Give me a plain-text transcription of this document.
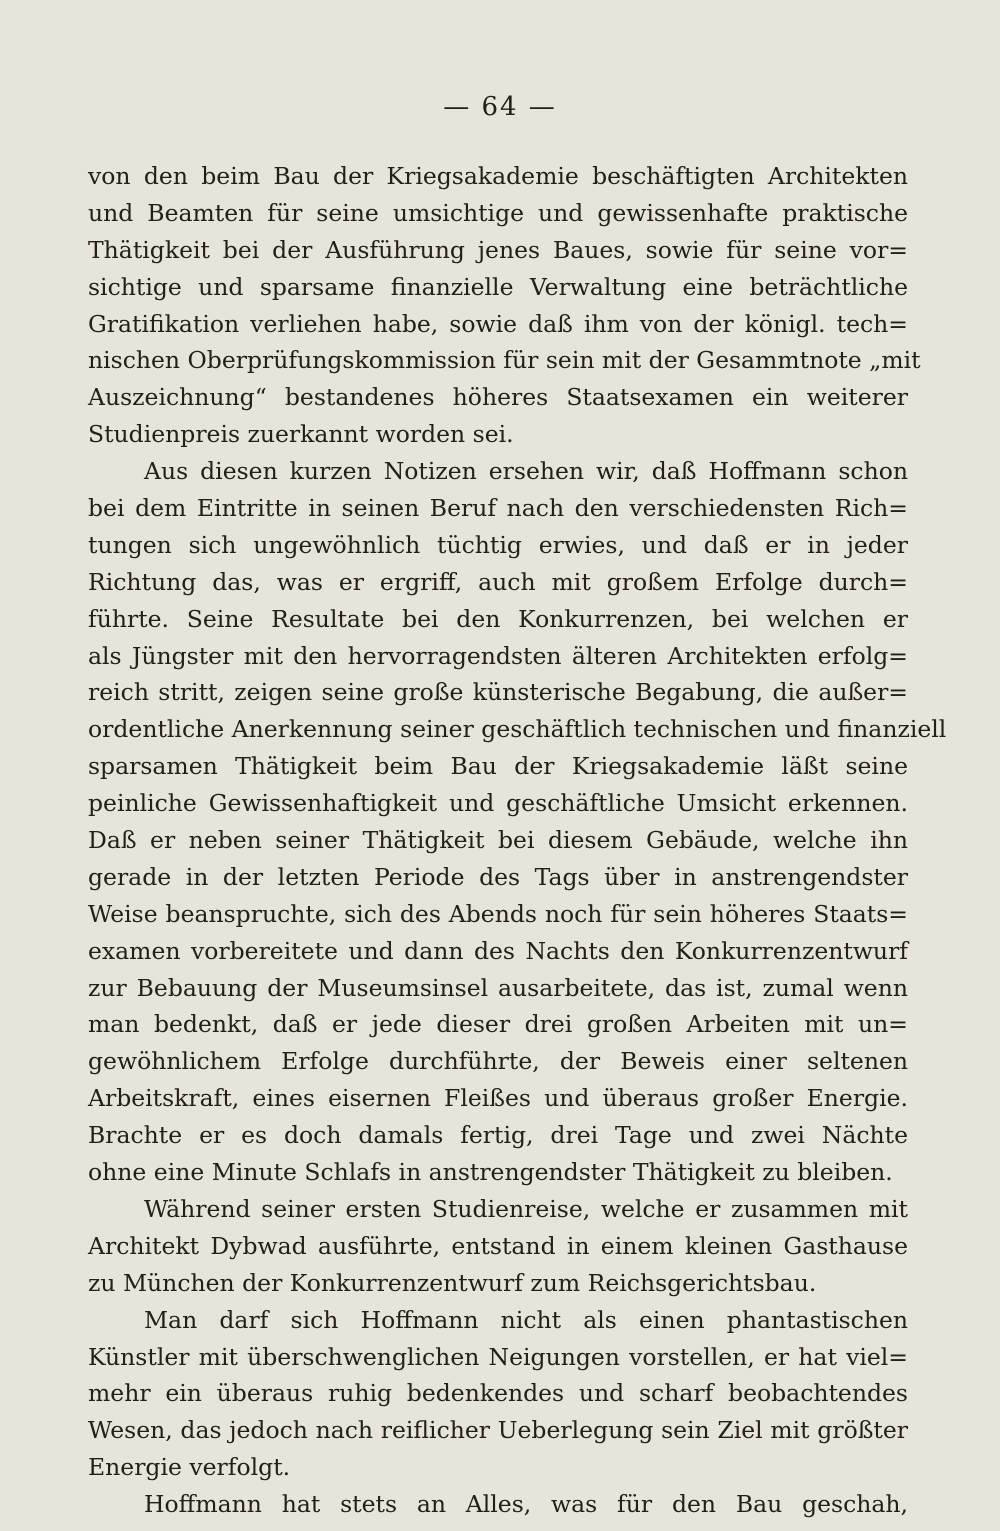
— 64 —
von den beim Bau der Kriegsakademie beschäftigten Architekten
und Beamten für seine umsichtige und gewissenhafte praktische
Thätigkeit bei der Ausführung jenes Baues, sowie für seine vor=
sichtige und sparsame finanzielle Verwaltung eine beträchtliche
Gratifikation verliehen habe, sowie daß ihm von der königl. tech=
nischen Oberprüfungskommission für sein mit der Gesammtnote „mit
Auszeichnung“ bestandenes höheres Staatsexamen ein weiterer
Studienpreis zuerkannt worden sei.
Aus diesen kurzen Notizen ersehen wir, daß Hoffmann schon
bei dem Eintritte in seinen Beruf nach den verschiedensten Rich=
tungen sich ungewöhnlich tüchtig erwies, und daß er in jeder
Richtung das, was er ergriff, auch mit großem Erfolge durch=
führte. Seine Resultate bei den Konkurrenzen, bei welchen er
als Jüngster mit den hervorragendsten älteren Architekten erfolg=
reich stritt, zeigen seine große künsterische Begabung, die außer=
ordentliche Anerkennung seiner geschäftlich technischen und finanziell
sparsamen Thätigkeit beim Bau der Kriegsakademie läßt seine
peinliche Gewissenhaftigkeit und geschäftliche Umsicht erkennen.
Daß er neben seiner Thätigkeit bei diesem Gebäude, welche ihn
gerade in der letzten Periode des Tags über in anstrengendster
Weise beanspruchte, sich des Abends noch für sein höheres Staats=
examen vorbereitete und dann des Nachts den Konkurrenzentwurf
zur Bebauung der Museumsinsel ausarbeitete, das ist, zumal wenn
man bedenkt, daß er jede dieser drei großen Arbeiten mit un=
gewöhnlichem Erfolge durchführte, der Beweis einer seltenen
Arbeitskraft, eines eisernen Fleißes und überaus großer Energie.
Brachte er es doch damals fertig, drei Tage und zwei Nächte
ohne eine Minute Schlafs in anstrengendster Thätigkeit zu bleiben.
Während seiner ersten Studienreise, welche er zusammen mit
Architekt Dybwad ausführte, entstand in einem kleinen Gasthause
zu München der Konkurrenzentwurf zum Reichsgerichtsbau.
Man darf sich Hoffmann nicht als einen phantastischen
Künstler mit überschwenglichen Neigungen vorstellen, er hat viel=
mehr ein überaus ruhig bedenkendes und scharf beobachtendes
Wesen, das jedoch nach reiflicher Ueberlegung sein Ziel mit größter
Energie verfolgt.
Hoffmann hat stets an Alles, was für den Bau geschah,
